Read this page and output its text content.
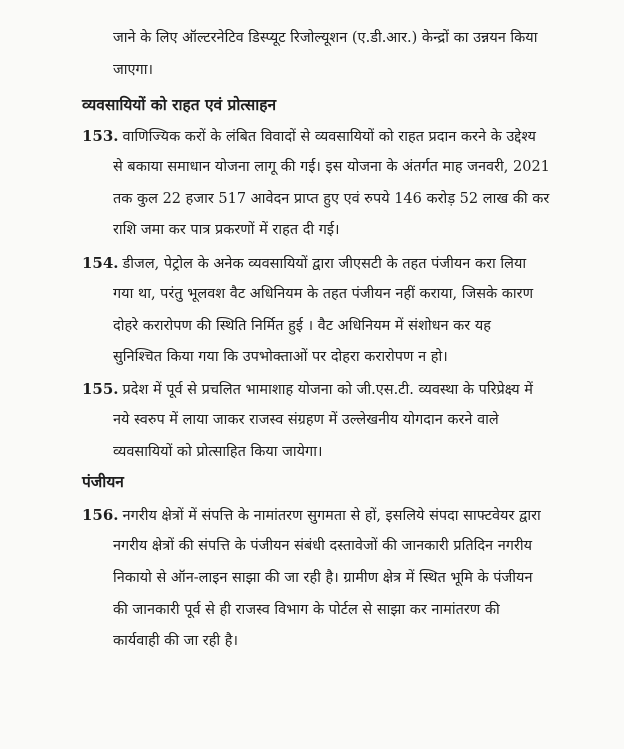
जाने के लिए ऑल्टरनेटिव डिस्प्यूट रिजोल्यूशन (ए.डी.आर.) केन्द्रों का उन्नयन किया
जाएगा।
व्यवसायियों को राहत एवं प्रोत्साहन
153. वाणिज्यिक करों के लंबित विवादों से व्यवसायियों को राहत प्रदान करने के उद्देश्य
से बकाया समाधान योजना लागू की गई। इस योजना के अंतर्गत माह जनवरी, 2021
तक कुल 22 हजार 517 आवेदन प्राप्त हुए एवं रुपये 146 करोड़ 52 लाख की कर
राशि जमा कर पात्र प्रकरणों में राहत दी गई।
154. डीजल, पेट्रोल के अनेक व्यवसायियों द्वारा जीएसटी के तहत पंजीयन करा लिया
गया था, परंतु भूलवश वैट अधिनियम के तहत पंजीयन नहीं कराया, जिसके कारण
दोहरे करारोपण की स्थिति निर्मित हुई । वैट अधिनियम में संशोधन कर यह
सुनिश्चित किया गया कि उपभोक्ताओं पर दोहरा करारोपण न हो।
155. प्रदेश में पूर्व से प्रचलित भामाशाह योजना को जी.एस.टी. व्यवस्था के परिप्रेक्ष्य में
नये स्वरुप में लाया जाकर राजस्व संग्रहण में उल्लेखनीय योगदान करने वाले
व्यवसायियों को प्रोत्साहित किया जायेगा।
पंजीयन
156. नगरीय क्षेत्रों में संपत्ति के नामांतरण सुगमता से हों, इसलिये संपदा साफ्टवेयर द्वारा
नगरीय क्षेत्रों की संपत्ति के पंजीयन संबंधी दस्तावेजों की जानकारी प्रतिदिन नगरीय
निकायो से ऑन-लाइन साझा की जा रही है। ग्रामीण क्षेत्र में स्थित भूमि के पंजीयन
की जानकारी पूर्व से ही राजस्व विभाग के पोर्टल से साझा कर नामांतरण की
कार्यवाही की जा रही है।
